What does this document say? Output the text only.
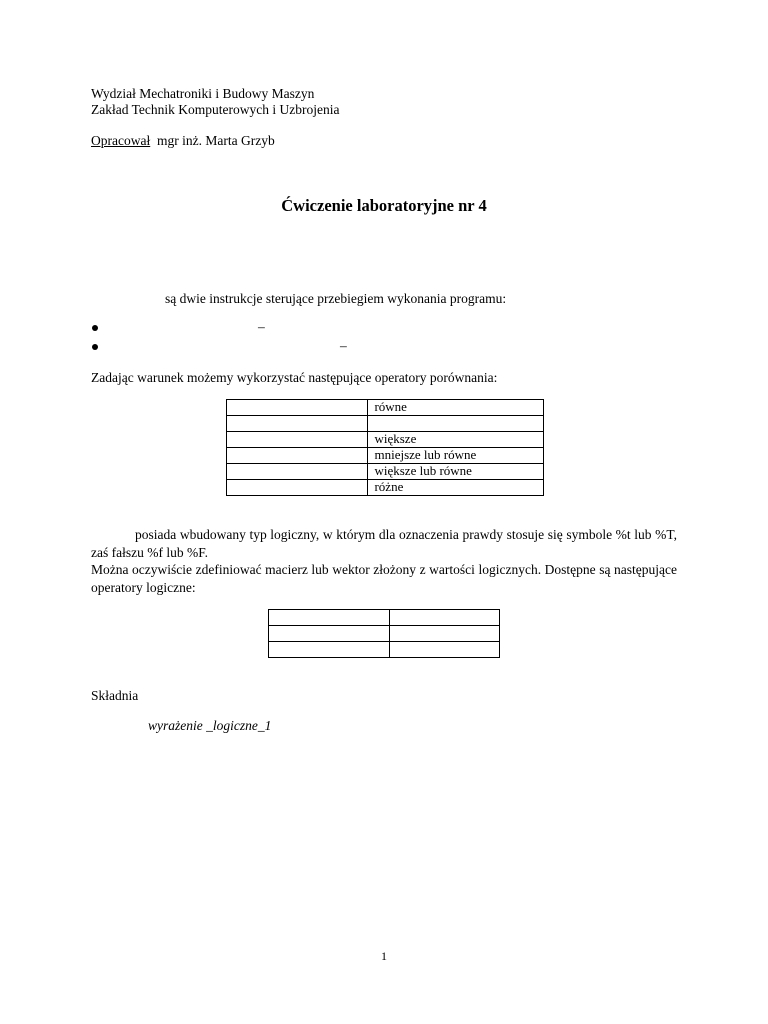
Wydział Mechatroniki i Budowy Maszyn
Zakład Technik Komputerowych i Uzbrojenia
Opracował mgr inż. Marta Grzyb
Ćwiczenie laboratoryjne nr 4
są dwie instrukcje sterujące przebiegiem wykonania programu:
–
–
Zadając warunek możemy wykorzystać następujące operatory porównania:
	równe

	większe
	mniejsze lub równe
	większe lub równe
	różne
posiada wbudowany typ logiczny, w którym dla oznaczenia prawdy stosuje się symbole %t lub %T, zaś fałszu %f lub %F.
Można oczywiście zdefiniować macierz lub wektor złożony z wartości logicznych. Dostępne są następujące operatory logiczne:

Składnia
wyrażenie _logiczne_1
1
